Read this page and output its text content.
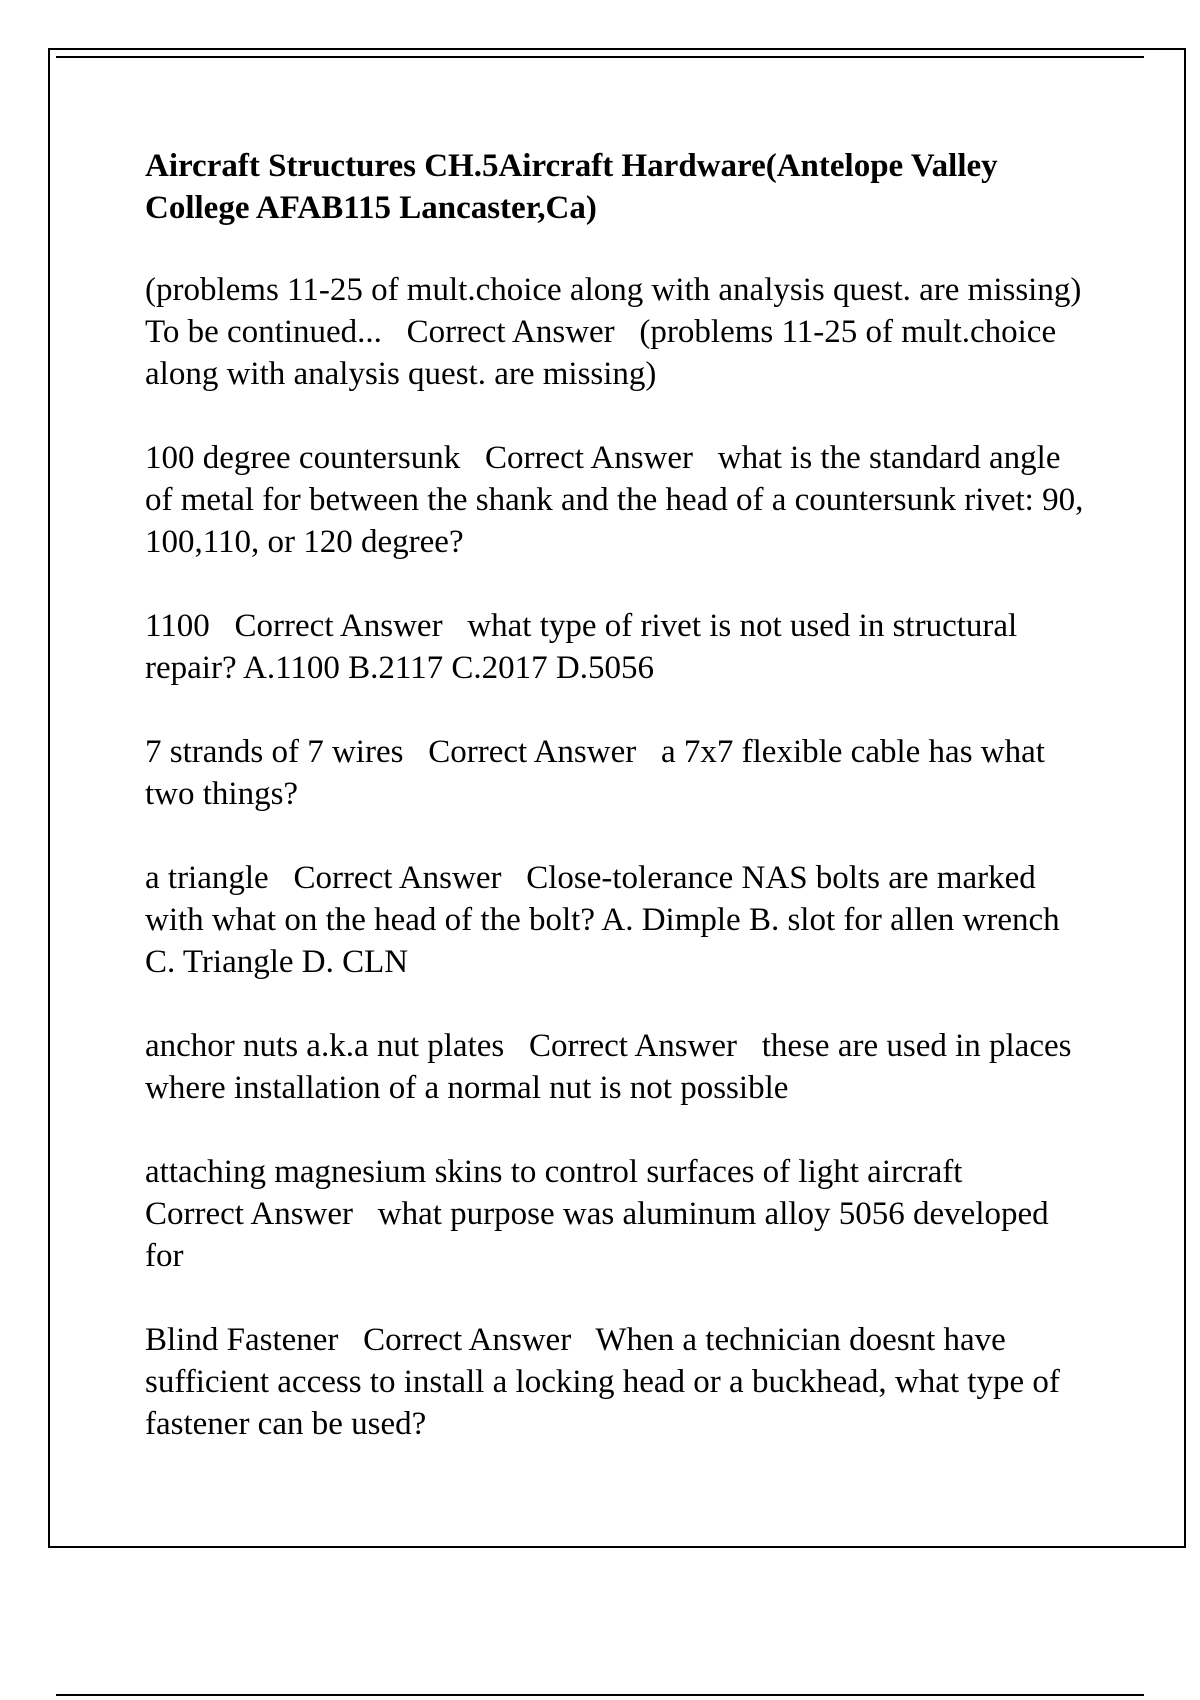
Aircraft Structures CH.5Aircraft Hardware(Antelope Valley College AFAB115 Lancaster,Ca)
(problems 11-25 of mult.choice along with analysis quest. are missing) To be continued... Correct Answer (problems 11-25 of mult.choice along with analysis quest. are missing)
100 degree countersunk Correct Answer what is the standard angle of metal for between the shank and the head of a countersunk rivet: 90, 100,110, or 120 degree?
1100 Correct Answer what type of rivet is not used in structural repair? A.1100 B.2117 C.2017 D.5056
7 strands of 7 wires Correct Answer a 7x7 flexible cable has what two things?
a triangle Correct Answer Close-tolerance NAS bolts are marked with what on the head of the bolt? A. Dimple B. slot for allen wrench C. Triangle D. CLN
anchor nuts a.k.a nut plates Correct Answer these are used in places where installation of a normal nut is not possible
attaching magnesium skins to control surfaces of light aircraft   Correct Answer what purpose was aluminum alloy 5056 developed for
Blind Fastener Correct Answer When a technician doesnt have sufficient access to install a locking head or a buckhead, what type of fastener can be used?
